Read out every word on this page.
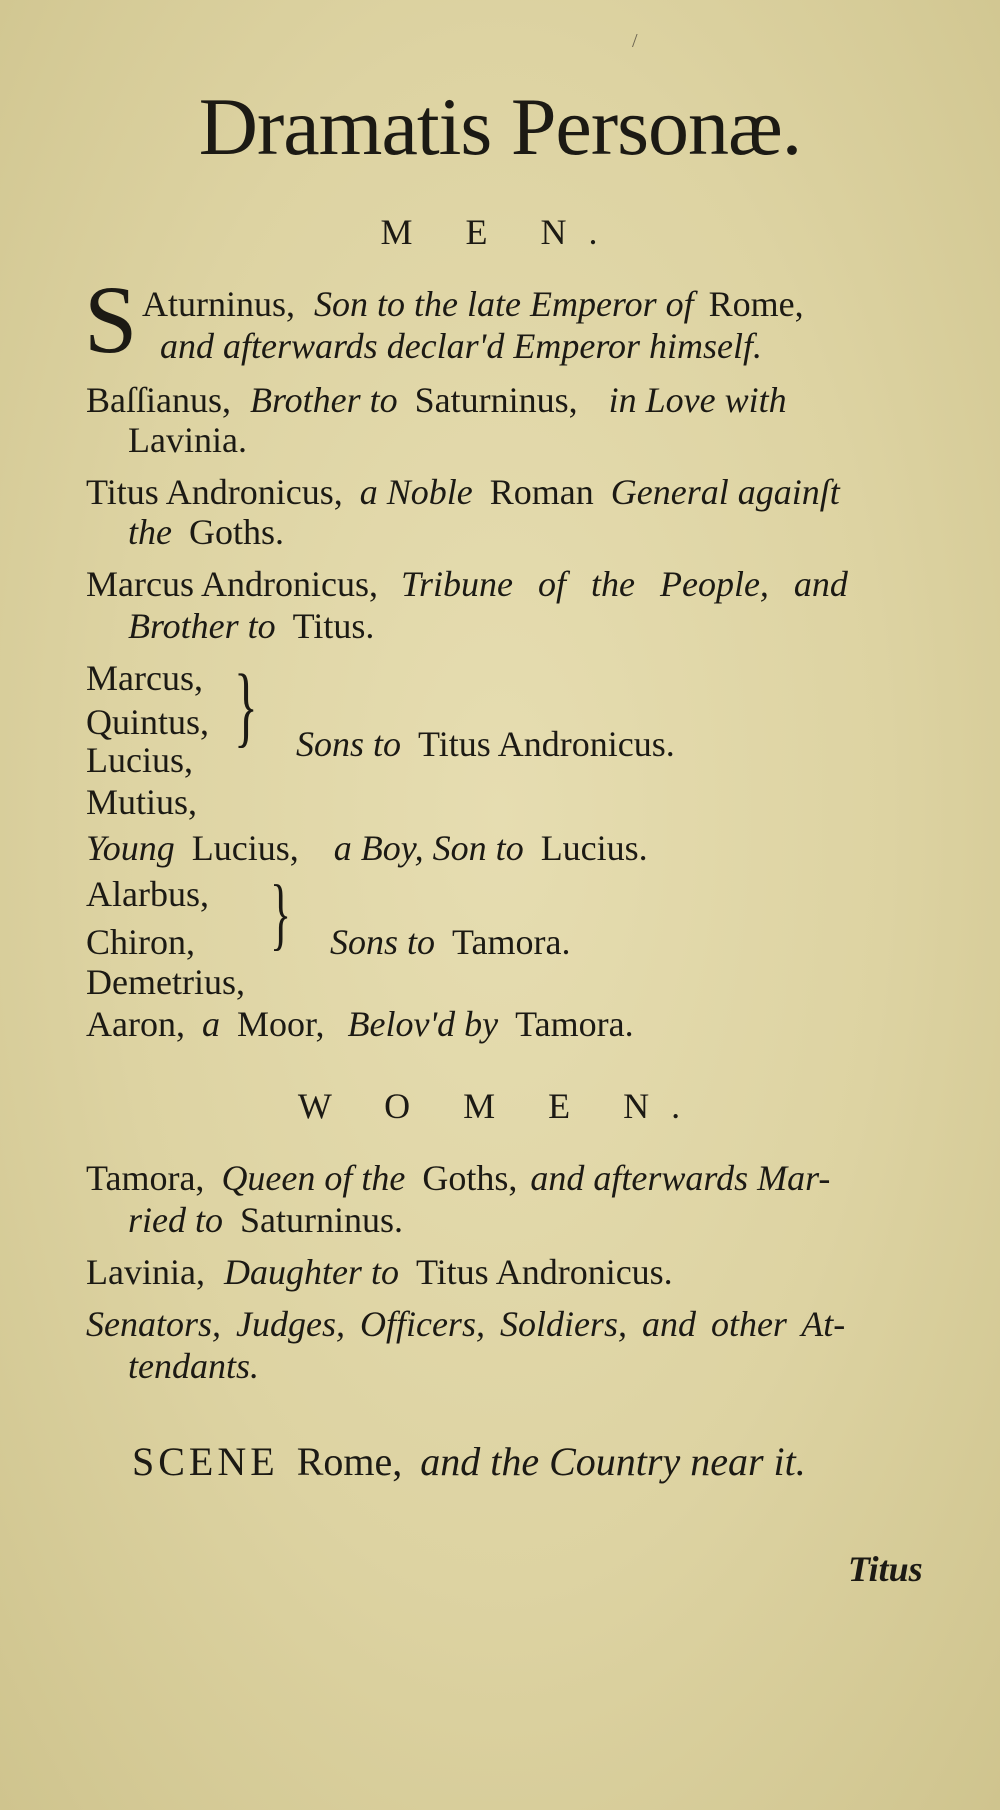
/
Dramatis Personæ.
M E N.
S Aturninus, Son to the late Emperor of Rome,
and afterwards declar'd Emperor himself.
Baſſianus, Brother to Saturninus, in Love with
Lavinia.
Titus Andronicus, a Noble Roman General againſt
the Goths.
Marcus Andronicus, Tribune of the People, and
Brother to Titus.
Marcus,
Quintus,
Lucius,
Mutius,
} Sons to Titus Andronicus.
Young Lucius, a Boy, Son to Lucius.
Alarbus,
Chiron,
Demetrius,
} Sons to Tamora.
Aaron, a Moor, Belov'd by Tamora.
W O M E N.
Tamora, Queen of the Goths, and afterwards Mar-
ried to Saturninus.
Lavinia, Daughter to Titus Andronicus.
Senators, Judges, Officers, Soldiers, and other At-
tendants.
SCENE Rome, and the Country near it.
Titus
